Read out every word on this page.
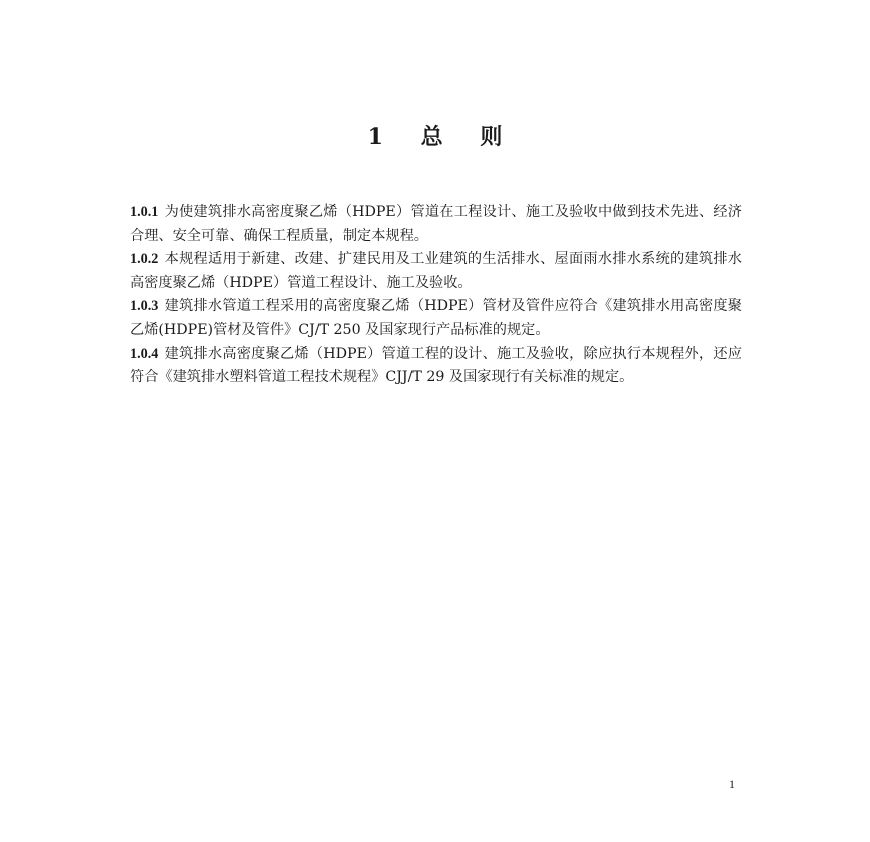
1 总 则

1.0.1 为使建筑排水高密度聚乙烯（HDPE）管道在工程设计、施工及验收中做到技术先进、经济合理、安全可靠、确保工程质量，制定本规程。

1.0.2 本规程适用于新建、改建、扩建民用及工业建筑的生活排水、屋面雨水排水系统的建筑排水高密度聚乙烯（HDPE）管道工程设计、施工及验收。

1.0.3 建筑排水管道工程采用的高密度聚乙烯（HDPE）管材及管件应符合《建筑排水用高密度聚乙烯(HDPE)管材及管件》CJ/T 250 及国家现行产品标准的规定。

1.0.4 建筑排水高密度聚乙烯（HDPE）管道工程的设计、施工及验收，除应执行本规程外，还应符合《建筑排水塑料管道工程技术规程》CJJ/T 29 及国家现行有关标准的规定。

1
